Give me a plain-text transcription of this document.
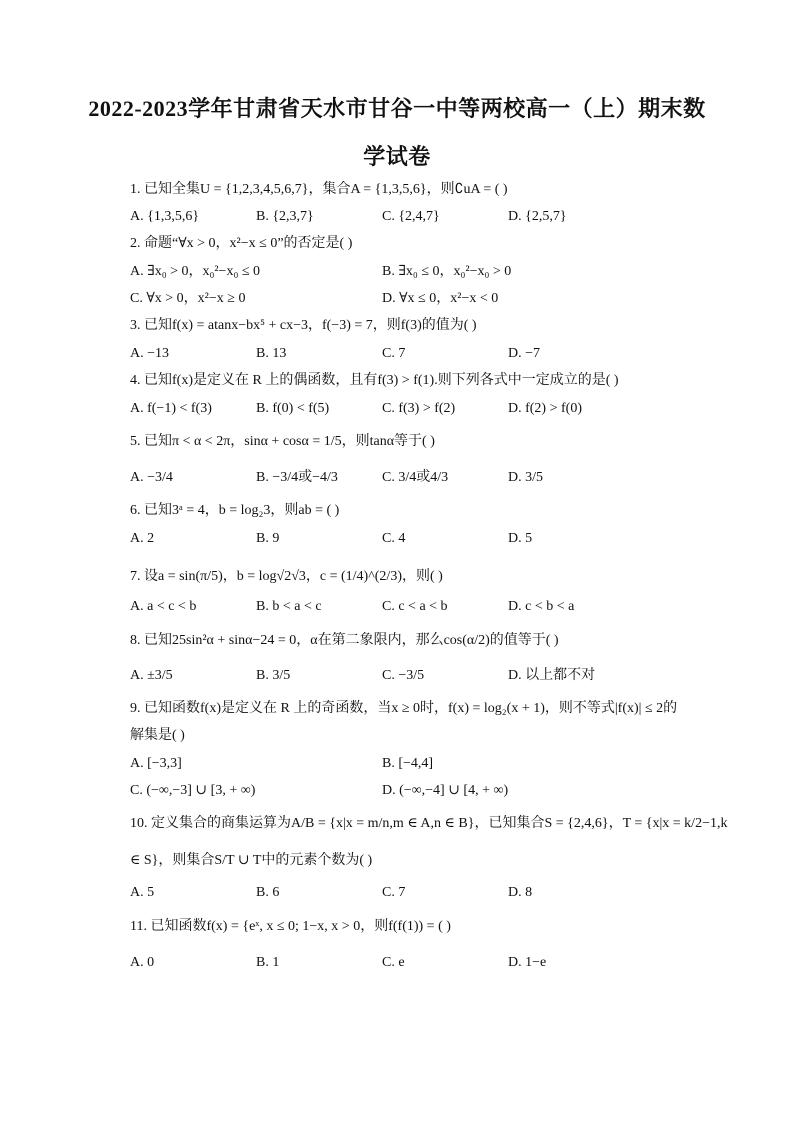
2022-2023学年甘肃省天水市甘谷一中等两校高一（上）期末数
学试卷
1. 已知全集U = {1,2,3,4,5,6,7}，集合A = {1,3,5,6}，则∁uA = ( )
A. {1,3,5,6}	B. {2,3,7}	C. {2,4,7}	D. {2,5,7}
2. 命题“∀x > 0，x²−x ≤ 0”的否定是( )
A. ∃x₀ > 0，x₀²−x₀ ≤ 0	B. ∃x₀ ≤ 0，x₀²−x₀ > 0
C. ∀x > 0，x²−x ≥ 0	D. ∀x ≤ 0，x²−x < 0
3. 已知f(x) = atanx−bx⁵ + cx−3，f(−3) = 7，则f(3)的值为( )
A. −13	B. 13	C. 7	D. −7
4. 已知f(x)是定义在 R 上的偶函数，且有f(3) > f(1).则下列各式中一定成立的是( )
A. f(−1) < f(3)	B. f(0) < f(5)	C. f(3) > f(2)	D. f(2) > f(0)
5. 已知π < α < 2π，sinα + cosα = 1/5，则tanα等于( )
A. −3/4	B. −3/4或−4/3	C. 3/4或4/3	D. 3/5
6. 已知3ᵃ = 4，b = log₂3，则ab = ( )
A. 2	B. 9	C. 4	D. 5
7. 设a = sin(π/5)，b = log√2√3，c = (1/4)^(2/3)，则( )
A. a < c < b	B. b < a < c	C. c < a < b	D. c < b < a
8. 已知25sin²α + sinα−24 = 0，α在第二象限内，那么cos(α/2)的值等于( )
A. ±3/5	B. 3/5	C. −3/5	D. 以上都不对
9. 已知函数f(x)是定义在 R 上的奇函数，当x ≥ 0时，f(x) = log₂(x + 1)，则不等式|f(x)| ≤ 2的
解集是( )
A. [−3,3]	B. [−4,4]
C. (−∞,−3] ∪ [3, + ∞)	D. (−∞,−4] ∪ [4, + ∞)
10. 定义集合的商集运算为A/B = {x|x = m/n,m ∈ A,n ∈ B}，已知集合S = {2,4,6}，T = {x|x = k/2−1,k
∈ S}，则集合S/T ∪ T中的元素个数为( )
A. 5	B. 6	C. 7	D. 8
11. 已知函数f(x) = {eˣ, x ≤ 0; 1−x, x > 0，则f(f(1)) = ( )
A. 0	B. 1	C. e	D. 1−e
